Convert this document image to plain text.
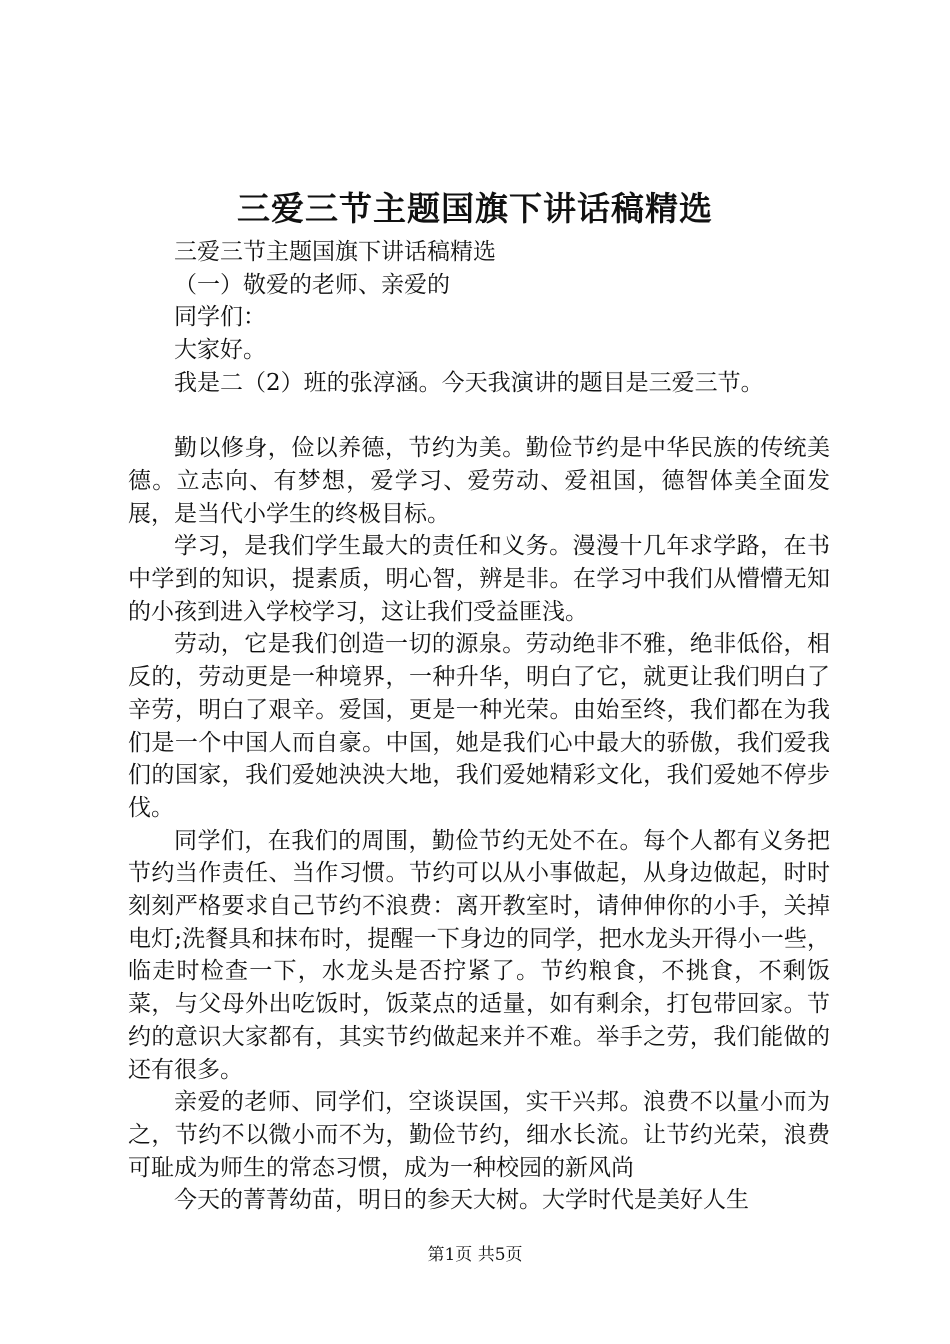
三爱三节主题国旗下讲话稿精选

三爱三节主题国旗下讲话稿精选

（一）敬爱的老师、亲爱的

同学们：

大家好。

我是二（2）班的张淳涵。今天我演讲的题目是三爱三节。

勤以修身，俭以养德，节约为美。勤俭节约是中华民族的传统美德。立志向、有梦想，爱学习、爱劳动、爱祖国，德智体美全面发展，是当代小学生的终极目标。

学习，是我们学生最大的责任和义务。漫漫十几年求学路，在书中学到的知识，提素质，明心智，辨是非。在学习中我们从懵懵无知的小孩到进入学校学习，这让我们受益匪浅。

劳动，它是我们创造一切的源泉。劳动绝非不雅，绝非低俗，相反的，劳动更是一种境界，一种升华，明白了它，就更让我们明白了辛劳，明白了艰辛。爱国，更是一种光荣。由始至终，我们都在为我们是一个中国人而自豪。中国，她是我们心中最大的骄傲，我们爱我们的国家，我们爱她泱泱大地，我们爱她精彩文化，我们爱她不停步伐。

同学们，在我们的周围，勤俭节约无处不在。每个人都有义务把节约当作责任、当作习惯。节约可以从小事做起，从身边做起，时时刻刻严格要求自己节约不浪费：离开教室时，请伸伸你的小手，关掉电灯;洗餐具和抹布时，提醒一下身边的同学，把水龙头开得小一些，临走时检查一下，水龙头是否拧紧了。节约粮食，不挑食，不剩饭菜，与父母外出吃饭时，饭菜点的适量，如有剩余，打包带回家。节约的意识大家都有，其实节约做起来并不难。举手之劳，我们能做的还有很多。

亲爱的老师、同学们，空谈误国，实干兴邦。浪费不以量小而为之，节约不以微小而不为，勤俭节约，细水长流。让节约光荣，浪费可耻成为师生的常态习惯，成为一种校园的新风尚

今天的菁菁幼苗，明日的参天大树。大学时代是美好人生

第1页 共5页
